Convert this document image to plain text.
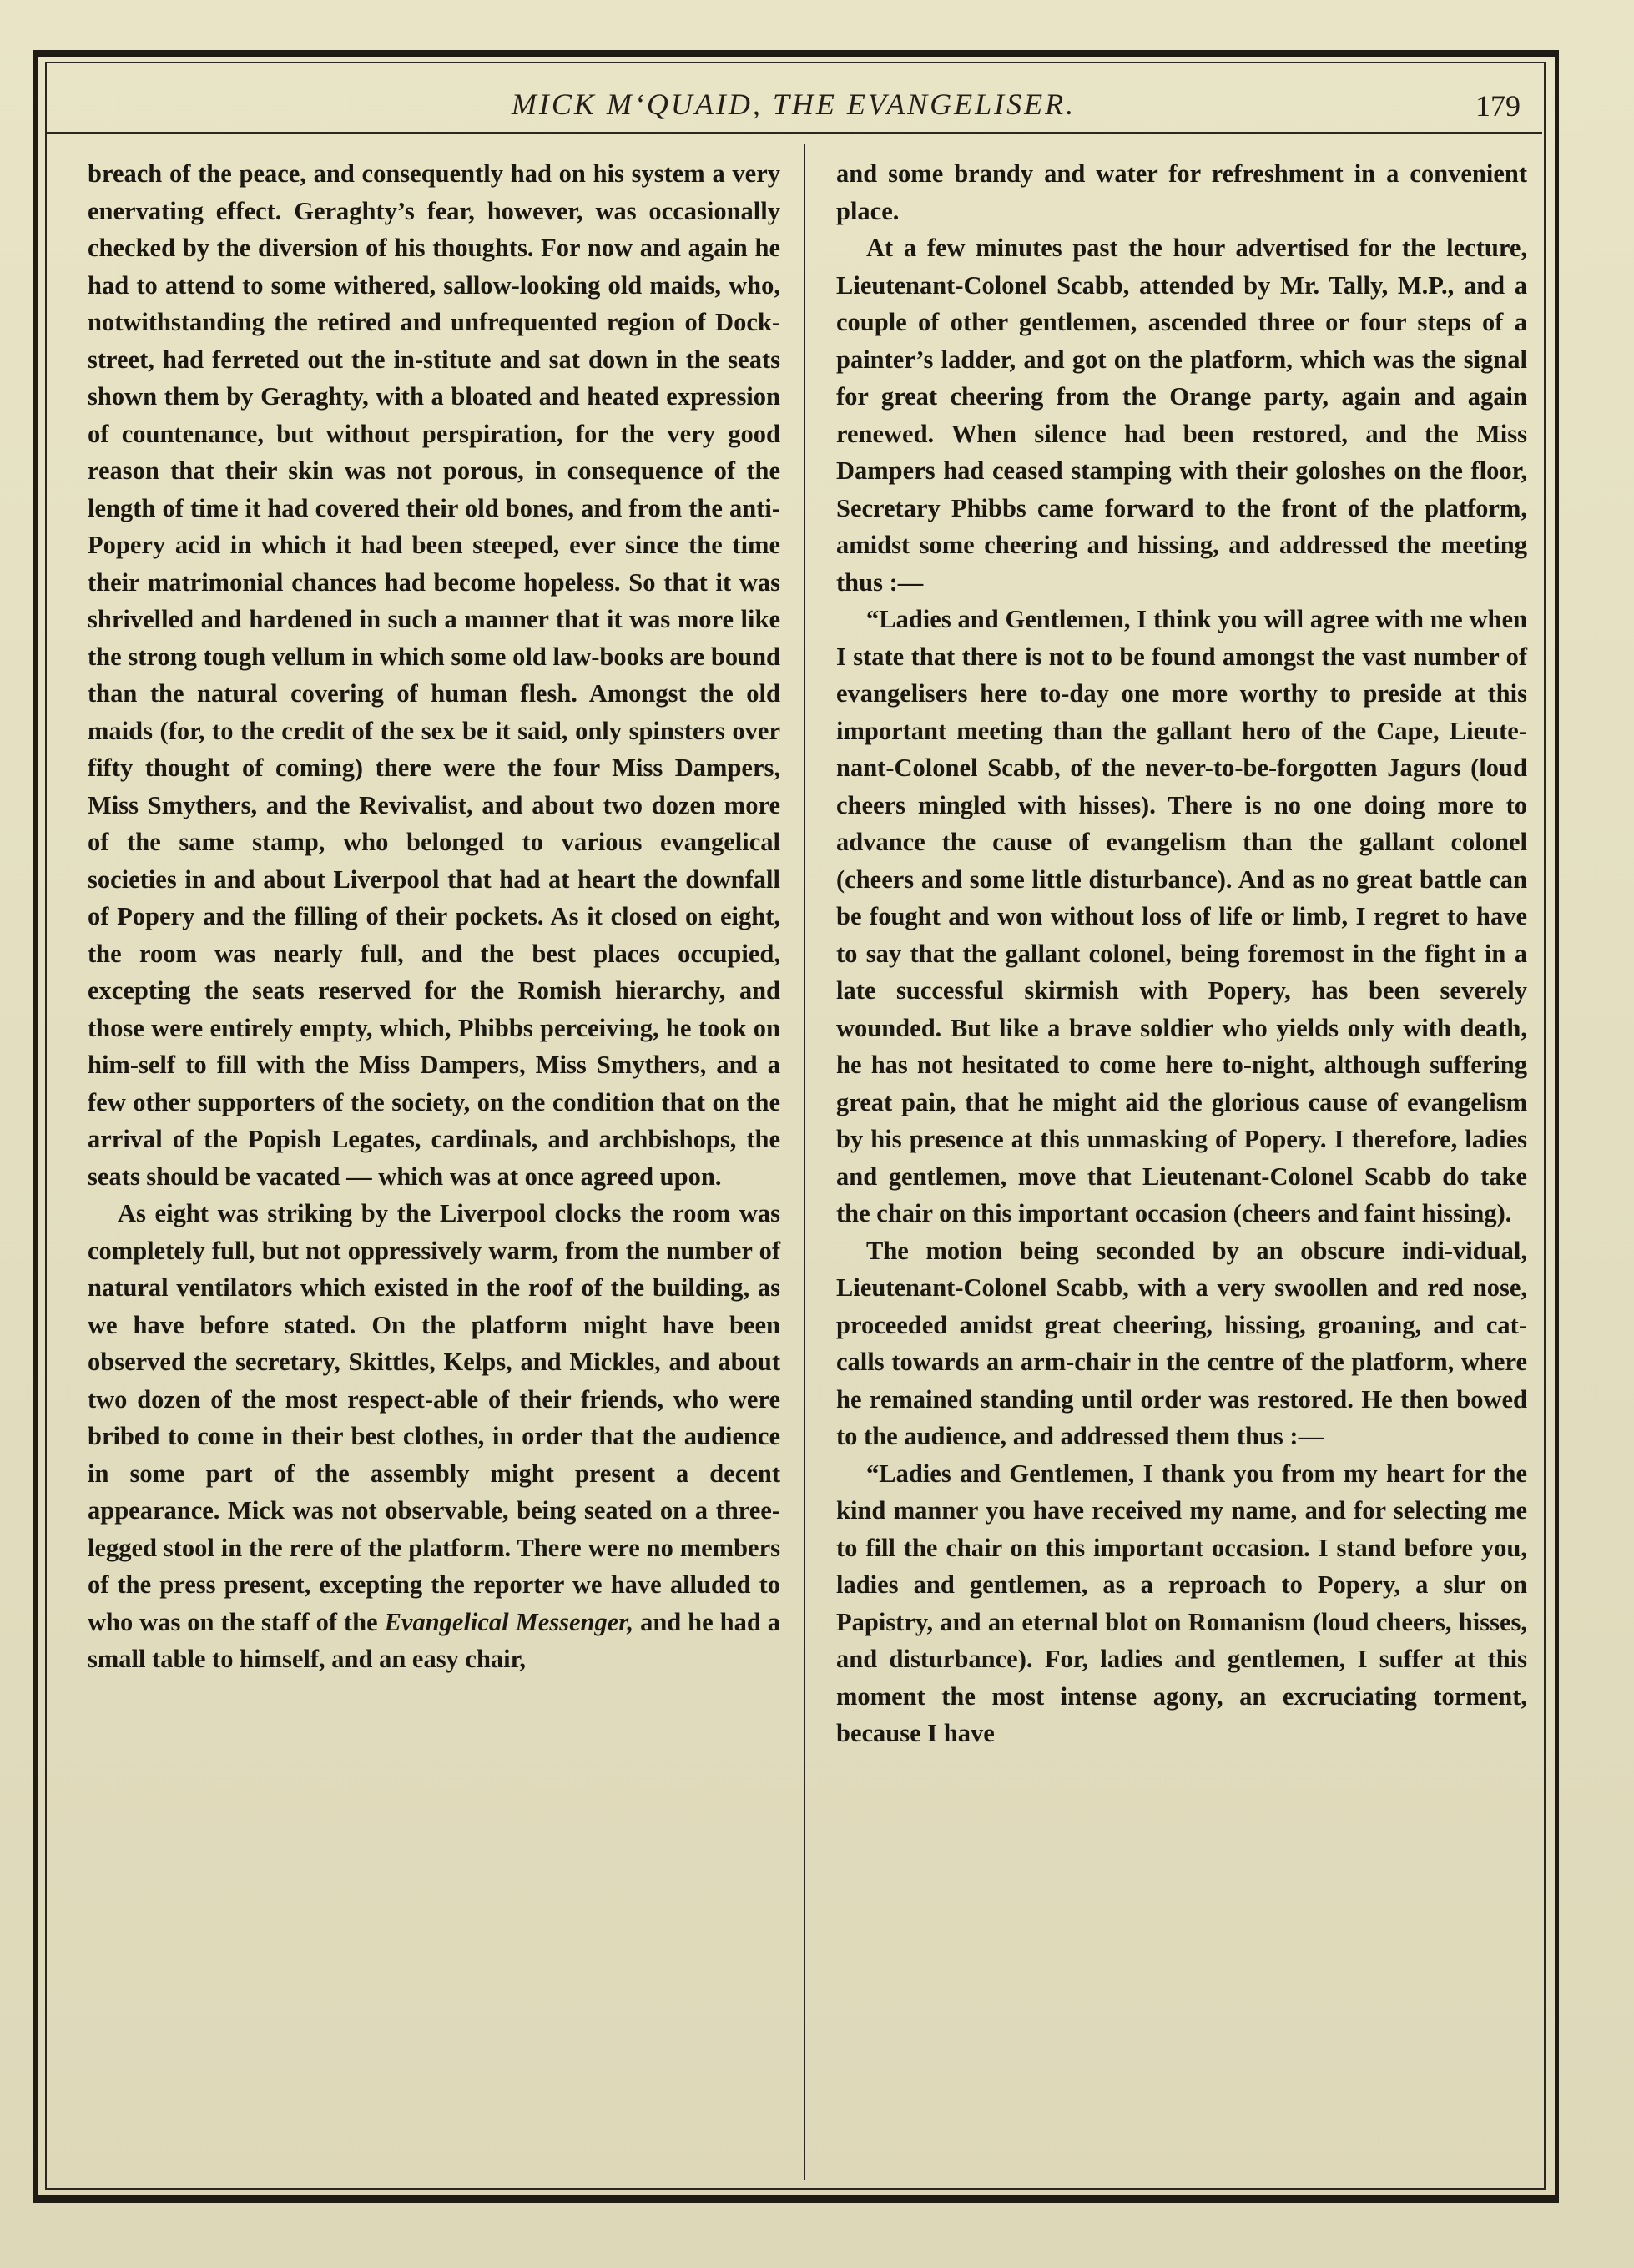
MICK M‘QUAID, THE EVANGELISER.	179

breach of the peace, and consequently had on his system a very enervating effect. Geraghty’s fear, however, was occasionally checked by the diversion of his thoughts. For now and again he had to attend to some withered, sallow-looking old maids, who, notwithstanding the retired and unfrequented region of Dock-street, had ferreted out the in-stitute and sat down in the seats shown them by Geraghty, with a bloated and heated expression of countenance, but without perspiration, for the very good reason that their skin was not porous, in consequence of the length of time it had covered their old bones, and from the anti-Popery acid in which it had been steeped, ever since the time their matrimonial chances had become hopeless. So that it was shrivelled and hardened in such a manner that it was more like the strong tough vellum in which some old law-books are bound than the natural covering of human flesh. Amongst the old maids (for, to the credit of the sex be it said, only spinsters over fifty thought of coming) there were the four Miss Dampers, Miss Smythers, and the Revivalist, and about two dozen more of the same stamp, who belonged to various evangelical societies in and about Liverpool that had at heart the downfall of Popery and the filling of their pockets. As it closed on eight, the room was nearly full, and the best places occupied, excepting the seats reserved for the Romish hierarchy, and those were entirely empty, which, Phibbs perceiving, he took on him-self to fill with the Miss Dampers, Miss Smythers, and a few other supporters of the society, on the condition that on the arrival of the Popish Legates, cardinals, and archbishops, the seats should be vacated — which was at once agreed upon.

As eight was striking by the Liverpool clocks the room was completely full, but not oppressively warm, from the number of natural ventilators which existed in the roof of the building, as we have before stated. On the platform might have been observed the secretary, Skittles, Kelps, and Mickles, and about two dozen of the most respect-able of their friends, who were bribed to come in their best clothes, in order that the audience in some part of the assembly might present a decent appearance. Mick was not observable, being seated on a three-legged stool in the rere of the platform. There were no members of the press present, excepting the reporter we have alluded to who was on the staff of the Evangelical Messenger, and he had a small table to himself, and an easy chair,

and some brandy and water for refreshment in a convenient place.

At a few minutes past the hour advertised for the lecture, Lieutenant-Colonel Scabb, attended by Mr. Tally, M.P., and a couple of other gentlemen, ascended three or four steps of a painter’s ladder, and got on the platform, which was the signal for great cheering from the Orange party, again and again renewed. When silence had been restored, and the Miss Dampers had ceased stamping with their goloshes on the floor, Secretary Phibbs came forward to the front of the platform, amidst some cheering and hissing, and addressed the meeting thus :—

“Ladies and Gentlemen, I think you will agree with me when I state that there is not to be found amongst the vast number of evangelisers here to-day one more worthy to preside at this important meeting than the gallant hero of the Cape, Lieute-nant-Colonel Scabb, of the never-to-be-forgotten Jagurs (loud cheers mingled with hisses). There is no one doing more to advance the cause of evangelism than the gallant colonel (cheers and some little disturbance). And as no great battle can be fought and won without loss of life or limb, I regret to have to say that the gallant colonel, being foremost in the fight in a late successful skirmish with Popery, has been severely wounded. But like a brave soldier who yields only with death, he has not hesitated to come here to-night, although suffering great pain, that he might aid the glorious cause of evangelism by his presence at this unmasking of Popery. I therefore, ladies and gentlemen, move that Lieutenant-Colonel Scabb do take the chair on this important occasion (cheers and faint hissing).

The motion being seconded by an obscure indi-vidual, Lieutenant-Colonel Scabb, with a very swoollen and red nose, proceeded amidst great cheering, hissing, groaning, and cat-calls towards an arm-chair in the centre of the platform, where he remained standing until order was restored. He then bowed to the audience, and addressed them thus :—

“Ladies and Gentlemen, I thank you from my heart for the kind manner you have received my name, and for selecting me to fill the chair on this important occasion. I stand before you, ladies and gentlemen, as a reproach to Popery, a slur on Papistry, and an eternal blot on Romanism (loud cheers, hisses, and disturbance). For, ladies and gentlemen, I suffer at this moment the most intense agony, an excruciating torment, because I have
